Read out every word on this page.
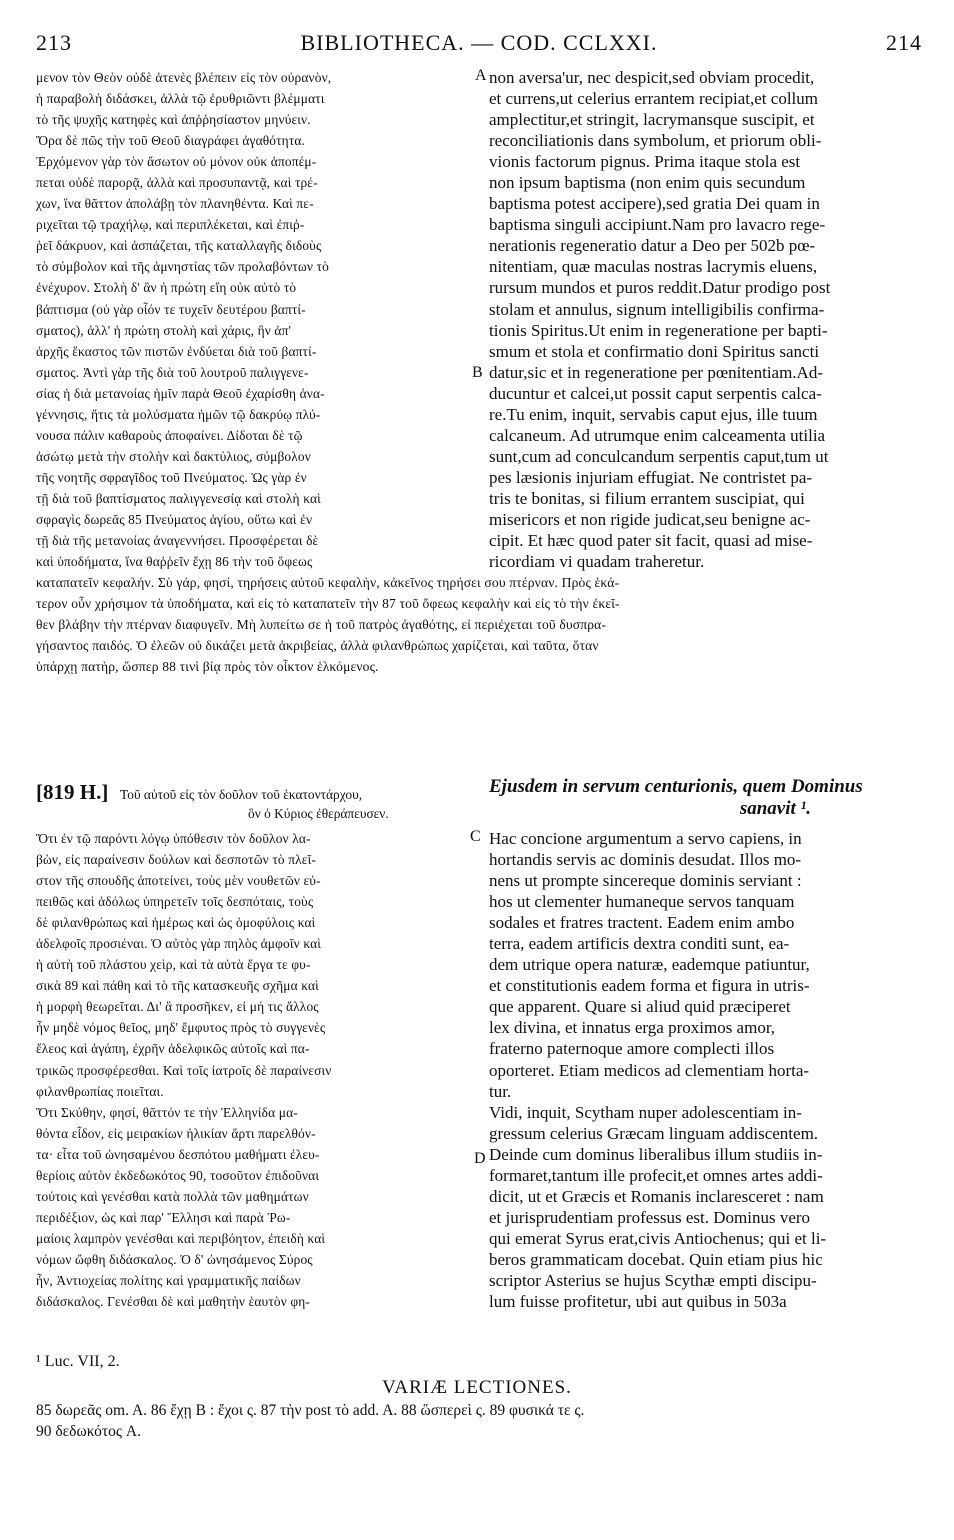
213	BIBLIOTHECA. — COD. CCLXXI.	214
μενον τὸν Θεὸν οὐδὲ ἀτενὲς βλέπειν εἰς τὸν οὐρανὸν,
ἡ παραβολὴ διδάσκει, ἀλλὰ τῷ ἐρυθριῶντι βλέμματι
τὸ τῆς ψυχῆς κατηφὲς καὶ ἀπῤῥησίαστον μηνύειν.
Ὅρα δὲ πῶς τὴν τοῦ Θεοῦ διαγράφει ἀγαθότητα.
Ἐρχόμενον γὰρ τὸν ἄσωτον οὐ μόνον οὐκ ἀποπέμ-
πεται οὐδὲ παρορᾷ, ἀλλὰ καὶ προσυπαντᾷ, καὶ τρέ-
χων, ἵνα θᾶττον ἀπολάβῃ τὸν πλανηθέντα. Καὶ πε-
ριχεῖται τῷ τραχήλῳ, καὶ περιπλέκεται, καὶ ἐπιῤ-
ῥεῖ δάκρυον, καὶ ἀσπάζεται, τῆς καταλλαγῆς διδοὺς
τὸ σύμβολον καὶ τῆς ἀμνηστίας τῶν προλαβόντων τὸ
ἐνέχυρον. Στολὴ δ' ἂν ἡ πρώτη εἴη οὐκ αὐτὸ τὸ
βάπτισμα (οὐ γὰρ οἷόν τε τυχεῖν δευτέρου βαπτί-
σματος), ἀλλ' ἡ πρώτη στολὴ καὶ χάρις, ἣν ἀπ'
ἀρχῆς ἕκαστος τῶν πιστῶν ἐνδύεται διὰ τοῦ βαπτί-
σματος. Ἀντὶ γὰρ τῆς διὰ τοῦ λουτροῦ παλιγγενε-
σίας ἡ διὰ μετανοίας ἡμῖν παρὰ Θεοῦ ἐχαρίσθη ἀνα-
γέννησις, ἥτις τὰ μολύσματα ἡμῶν τῷ δακρύῳ πλύ-
νουσα πάλιν καθαροὺς ἀποφαίνει. Δίδοται δὲ τῷ
ἀσώτῳ μετὰ τὴν στολὴν καὶ δακτύλιος, σύμβολον
τῆς νοητῆς σφραγῖδος τοῦ Πνεύματος. Ὡς γὰρ ἐν
τῇ διὰ τοῦ βαπτίσματος παλιγγενεσίᾳ καὶ στολὴ καὶ
σφραγὶς δωρεᾶς 85 Πνεύματος ἁγίου, οὕτω καὶ ἐν
τῇ διὰ τῆς μετανοίας ἀναγεννήσει. Προσφέρεται δὲ
καὶ ὑποδήματα, ἵνα θαῤῥεῖν ἔχῃ 86 τὴν τοῦ ὄφεως
non aversa'ur, nec despicit,sed obviam procedit,
et currens,ut celerius errantem recipiat,et collum
amplectitur,et stringit, lacrymansque suscipit, et
reconciliationis dans symbolum, et priorum obli-
vionis factorum pignus. Prima itaque stola est
non ipsum baptisma (non enim quis secundum
baptisma potest accipere),sed gratia Dei quam in
baptisma singuli accipiunt.Nam pro lavacro rege-
nerationis regeneratio datur a Deo per 502b pœ-
nitentiam, quæ maculas nostras lacrymis eluens,
rursum mundos et puros reddit.Datur prodigo post
stolam et annulus, signum intelligibilis confirma-
tionis Spiritus.Ut enim in regeneratione per bapti-
smum et stola et confirmatio doni Spiritus sancti
datur,sic et in regeneratione per pœnitentiam.Ad-
ducuntur et calcei,ut possit caput serpentis calca-
re.Tu enim, inquit, servabis caput ejus, ille tuum
calcaneum. Ad utrumque enim calceamenta utilia
sunt,cum ad conculcandum serpentis caput,tum ut
pes læsionis injuriam effugiat. Ne contristet pa-
tris te bonitas, si filium errantem suscipiat, qui
misericors et non rigide judicat,seu benigne ac-
cipit. Et hæc quod pater sit facit, quasi ad mise-
ricordiam vi quadam traheretur.
A
B
καταπατεῖν κεφαλήν. Σὺ γάρ, φησί, τηρήσεις αὐτοῦ κεφαλὴν, κἀκεῖνος τηρήσει σου πτέρναν. Πρὸς ἑκά-
τερον οὖν χρήσιμον τὰ ὑποδήματα, καὶ εἰς τὸ καταπατεῖν τὴν 87 τοῦ ὄφεως κεφαλὴν καὶ εἰς τὸ τὴν ἐκεῖ-
θεν βλάβην τὴν πτέρναν διαφυγεῖν. Μὴ λυπείτω σε ἡ τοῦ πατρὸς ἀγαθότης, εἰ περιέχεται τοῦ δυσπρα-
γήσαντος παιδός. Ὁ ἐλεῶν οὐ δικάζει μετὰ ἀκριβείας, ἀλλὰ φιλανθρώπως χαρίζεται, καὶ ταῦτα, ὅταν
ὑπάρχῃ πατὴρ, ὥσπερ 88 τινὶ βίᾳ πρὸς τὸν οἶκτον ἑλκόμενος.
[819 H.] Τοῦ αὐτοῦ εἰς τὸν δοῦλον τοῦ ἑκατοντάρχου,
ὃν ὁ Κύριος ἐθεράπευσεν.
Ejusdem in servum centurionis, quem Dominus
sanavit ¹.
Ὅτι ἐν τῷ παρόντι λόγῳ ὑπόθεσιν τὸν δοῦλον λα-
βὼν, εἰς παραίνεσιν δούλων καὶ δεσποτῶν τὸ πλεῖ-
στον τῆς σπουδῆς ἀποτείνει, τοὺς μὲν νουθετῶν εὐ-
πειθῶς καὶ ἀδόλως ὑπηρετεῖν τοῖς δεσπόταις, τοὺς
δὲ φιλανθρώπως καὶ ἡμέρως καὶ ὡς ὁμοφύλοις καὶ
ἀδελφοῖς προσιέναι. Ὁ αὐτὸς γὰρ πηλὸς ἀμφοῖν καὶ
ἡ αὐτὴ τοῦ πλάστου χεὶρ, καὶ τὰ αὐτὰ ἔργα τε φυ-
σικὰ 89 καὶ πάθη καὶ τὸ τῆς κατασκευῆς σχῆμα καὶ
ἡ μορφὴ θεωρεῖται. Δι' ἃ προσῆκεν, εἰ μή τις ἄλλος
ἦν μηδὲ νόμος θεῖος, μηδ' ἔμφυτος πρὸς τὸ συγγενὲς
ἔλεος καὶ ἀγάπη, ἐχρῆν ἀδελφικῶς αὐτοῖς καὶ πα-
τρικῶς προσφέρεσθαι. Καὶ τοῖς ἰατροῖς δὲ παραίνεσιν
φιλανθρωπίας ποιεῖται.
Ὅτι Σκύθην, φησί, θᾶττόν τε τὴν Ἑλληνίδα μα-
θόντα εἶδον, εἰς μειρακίων ἡλικίαν ἄρτι παρελθόν-
τα· εἶτα τοῦ ὠνησαμένου δεσπότου μαθήματι ἐλευ-
θερίοις αὐτὸν ἐκδεδωκότος 90, τοσοῦτον ἐπιδοῦναι
τούτοις καὶ γενέσθαι κατὰ πολλὰ τῶν μαθημάτων
περιδέξιον, ὡς καὶ παρ' Ἕλλησι καὶ παρὰ Ῥω-
μαίοις λαμπρὸν γενέσθαι καὶ περιβόητον, ἐπειδὴ καὶ
νόμων ὤφθη διδάσκαλος. Ὁ δ' ὠνησάμενος Σύρος
ἦν, Ἀντιοχείας πολίτης καὶ γραμματικῆς παίδων
διδάσκαλος. Γενέσθαι δὲ καὶ μαθητὴν ἑαυτὸν φη-
Hac concione argumentum a servo capiens, in
hortandis servis ac dominis desudat. Illos mo-
nens ut prompte sincereque dominis serviant :
hos ut clementer humaneque servos tanquam
sodales et fratres tractent. Eadem enim ambo
terra, eadem artificis dextra conditi sunt, ea-
dem utrique opera naturæ, eademque patiuntur,
et constitutionis eadem forma et figura in utris-
que apparent. Quare si aliud quid præciperet
lex divina, et innatus erga proximos amor,
fraterno paternoque amore complecti illos
oporteret. Etiam medicos ad clementiam horta-
tur.
Vidi, inquit, Scytham nuper adolescentiam in-
gressum celerius Græcam linguam addiscentem.
Deinde cum dominus liberalibus illum studiis in-
formaret,tantum ille profecit,et omnes artes addi-
dicit, ut et Græcis et Romanis inclaresceret : nam
et jurisprudentiam professus est. Dominus vero
qui emerat Syrus erat,civis Antiochenus; qui et li-
beros grammaticam docebat. Quin etiam pius hic
scriptor Asterius se hujus Scythæ empti discipu-
lum fuisse profitetur, ubi aut quibus in 503a
C
D
¹ Luc. VII, 2.
VARIÆ LECTIONES.
85 δωρεᾶς om. A. 86 ἔχῃ B : ἔχοι ς. 87 τὴν post τὸ add. A. 88 ὥσπερεὶ ς. 89 φυσικά τε ς.
90 δεδωκότος A.
